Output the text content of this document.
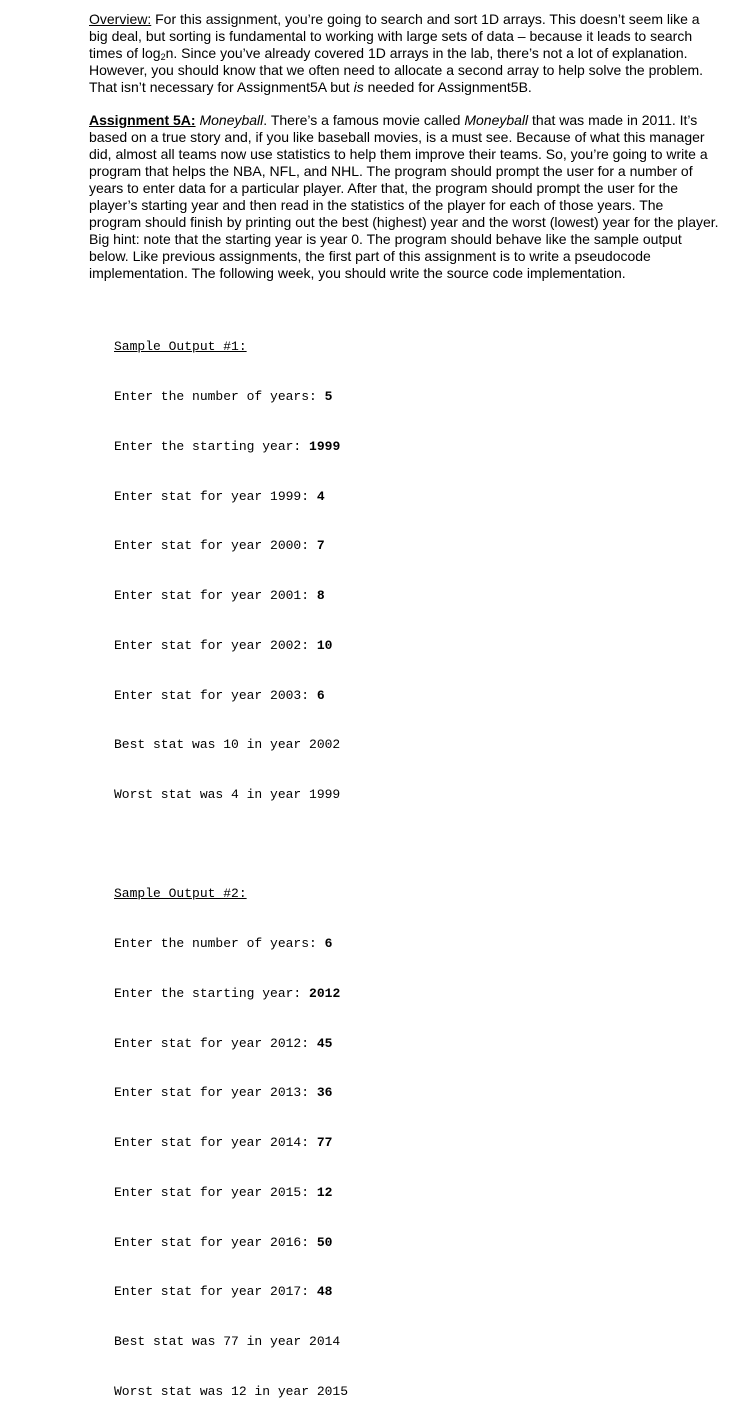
Overview: For this assignment, you’re going to search and sort 1D arrays. This doesn’t seem like a big deal, but sorting is fundamental to working with large sets of data – because it leads to search times of $\log_2n$. Since you’ve already covered 1D arrays in the lab, there’s not a lot of explanation. However, you should know that we often need to allocate a second array to help solve the problem. That isn’t necessary for Assignment5A but is needed for Assignment5B.

Assignment 5A: Moneyball. There’s a famous movie called Moneyball that was made in 2011. It’s based on a true story and, if you like baseball movies, is a must see. Because of what this manager did, almost all teams now use statistics to help them improve their teams. So, you’re going to write a program that helps the NBA, NFL, and NHL. The program should prompt the user for a number of years to enter data for a particular player. After that, the program should prompt the user for the player’s starting year and then read in the statistics of the player for each of those years. The program should finish by printing out the best (highest) year and the worst (lowest) year for the player. Big hint: note that the starting year is year 0. The program should behave like the sample output below. Like previous assignments, the first part of this assignment is to write a pseudocode implementation. The following week, you should write the source code implementation.

Sample Output #1:

Enter the number of years: 5

Enter the starting year: 1999

Enter stat for year 1999: 4

Enter stat for year 2000: 7

Enter stat for year 2001: 8

Enter stat for year 2002: 10

Enter stat for year 2003: 6

Best stat was 10 in year 2002

Worst stat was 4 in year 1999

Sample Output #2:

Enter the number of years: 6

Enter the starting year: 2012

Enter stat for year 2012: 45

Enter stat for year 2013: 36

Enter stat for year 2014: 77

Enter stat for year 2015: 12

Enter stat for year 2016: 50

Enter stat for year 2017: 48

Best stat was 77 in year 2014

Worst stat was 12 in year 2015
